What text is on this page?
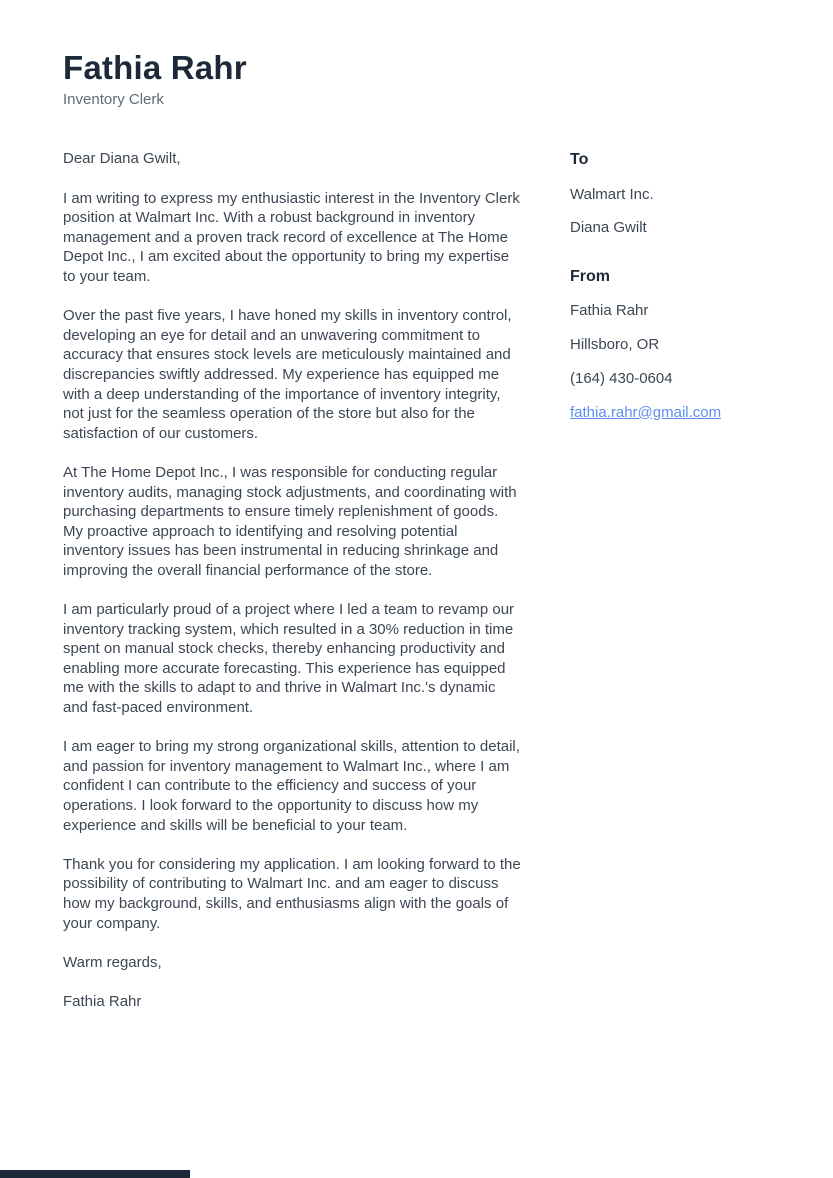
Fathia Rahr
Inventory Clerk

Dear Diana Gwilt,

I am writing to express my enthusiastic interest in the Inventory Clerk position at Walmart Inc. With a robust background in inventory management and a proven track record of excellence at The Home Depot Inc., I am excited about the opportunity to bring my expertise to your team.

Over the past five years, I have honed my skills in inventory control, developing an eye for detail and an unwavering commitment to accuracy that ensures stock levels are meticulously maintained and discrepancies swiftly addressed. My experience has equipped me with a deep understanding of the importance of inventory integrity, not just for the seamless operation of the store but also for the satisfaction of our customers.

At The Home Depot Inc., I was responsible for conducting regular inventory audits, managing stock adjustments, and coordinating with purchasing departments to ensure timely replenishment of goods. My proactive approach to identifying and resolving potential inventory issues has been instrumental in reducing shrinkage and improving the overall financial performance of the store.

I am particularly proud of a project where I led a team to revamp our inventory tracking system, which resulted in a 30% reduction in time spent on manual stock checks, thereby enhancing productivity and enabling more accurate forecasting. This experience has equipped me with the skills to adapt to and thrive in Walmart Inc.'s dynamic and fast-paced environment.

I am eager to bring my strong organizational skills, attention to detail, and passion for inventory management to Walmart Inc., where I am confident I can contribute to the efficiency and success of your operations. I look forward to the opportunity to discuss how my experience and skills will be beneficial to your team.

Thank you for considering my application. I am looking forward to the possibility of contributing to Walmart Inc. and am eager to discuss how my background, skills, and enthusiasms align with the goals of your company.

Warm regards,

Fathia Rahr

To
Walmart Inc.
Diana Gwilt
From
Fathia Rahr
Hillsboro, OR
(164) 430-0604
fathia.rahr@gmail.com
